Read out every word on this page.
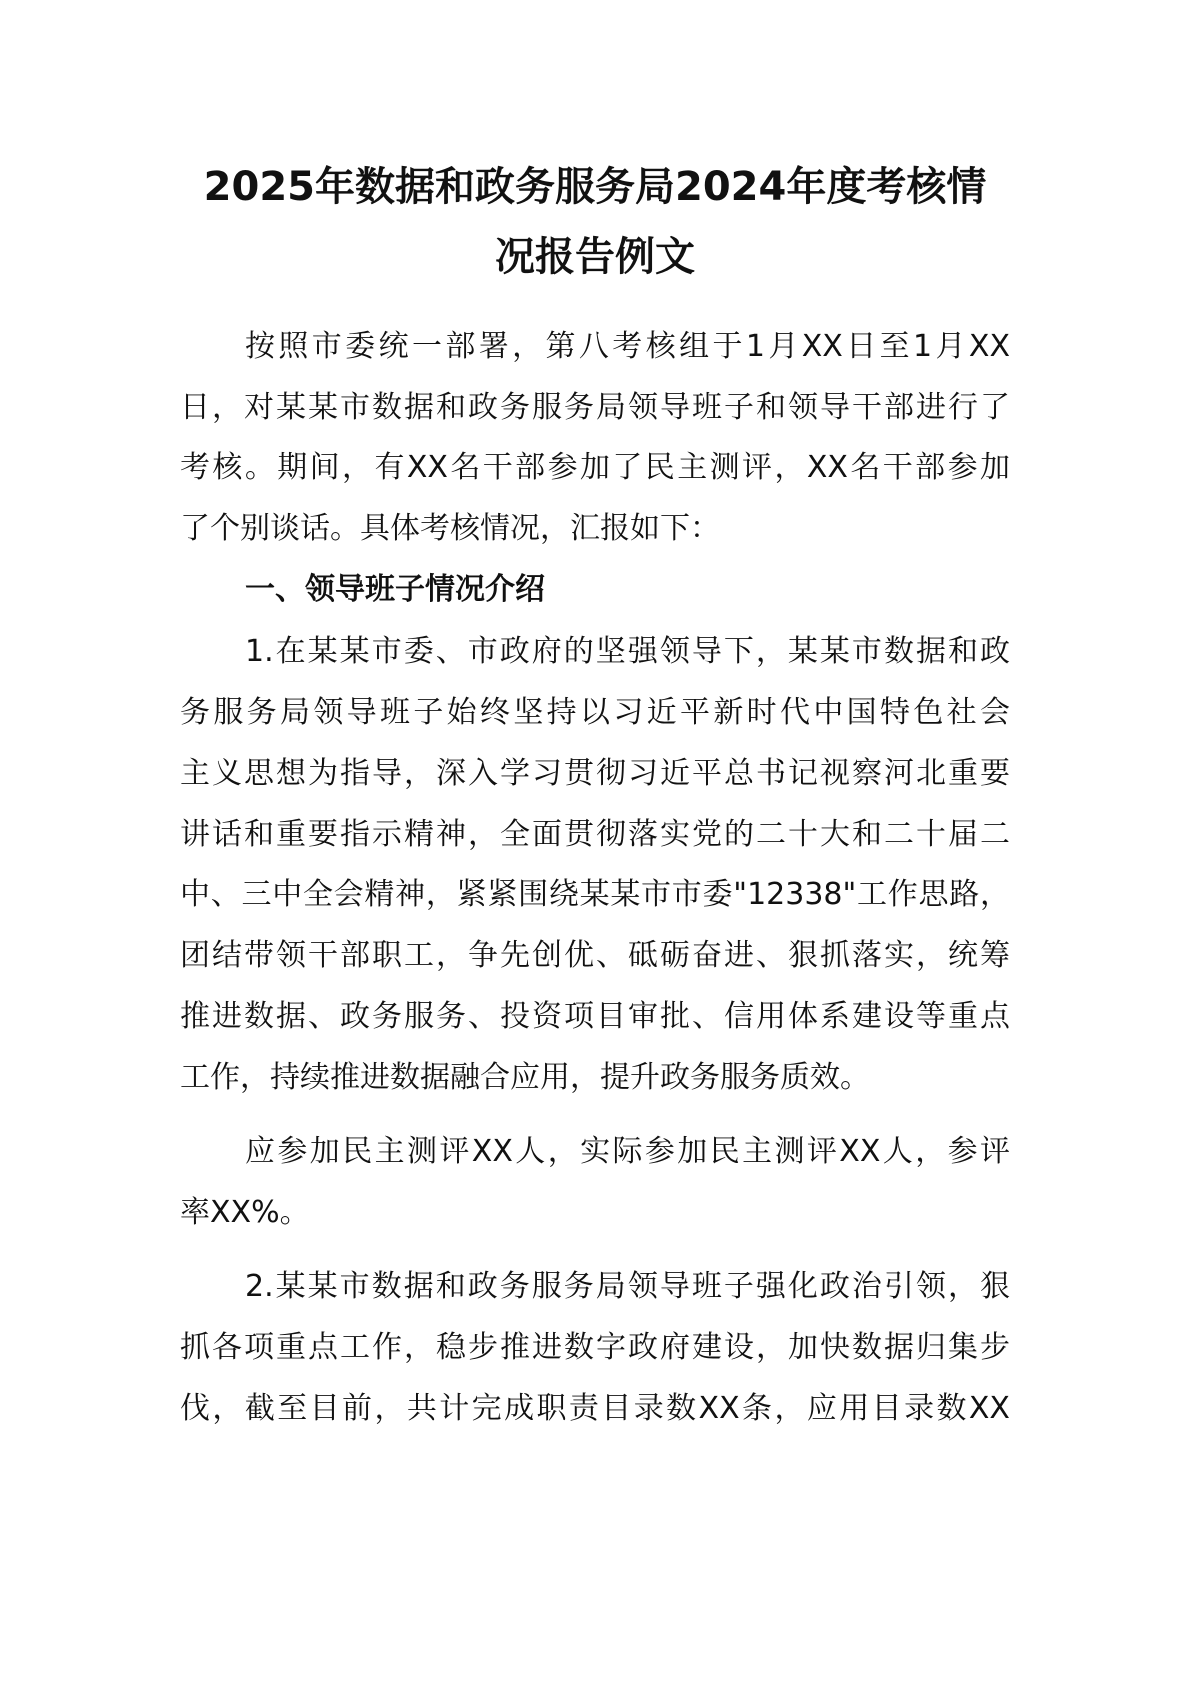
2025年数据和政务服务局2024年度考核情
况报告例文
按照市委统一部署，第八考核组于1月XX日至1月XX
日，对某某市数据和政务服务局领导班子和领导干部进行了
考核。期间，有XX名干部参加了民主测评，XX名干部参加
了个别谈话。具体考核情况，汇报如下：
一、领导班子情况介绍
1.在某某市委、市政府的坚强领导下，某某市数据和政
务服务局领导班子始终坚持以习近平新时代中国特色社会
主义思想为指导，深入学习贯彻习近平总书记视察河北重要
讲话和重要指示精神，全面贯彻落实党的二十大和二十届二
中、三中全会精神，紧紧围绕某某市市委"12338"工作思路，
团结带领干部职工，争先创优、砥砺奋进、狠抓落实，统筹
推进数据、政务服务、投资项目审批、信用体系建设等重点
工作，持续推进数据融合应用，提升政务服务质效。
应参加民主测评XX人，实际参加民主测评XX人，参评
率XX%。
2.某某市数据和政务服务局领导班子强化政治引领，狠
抓各项重点工作，稳步推进数字政府建设，加快数据归集步
伐，截至目前，共计完成职责目录数XX条，应用目录数XX
